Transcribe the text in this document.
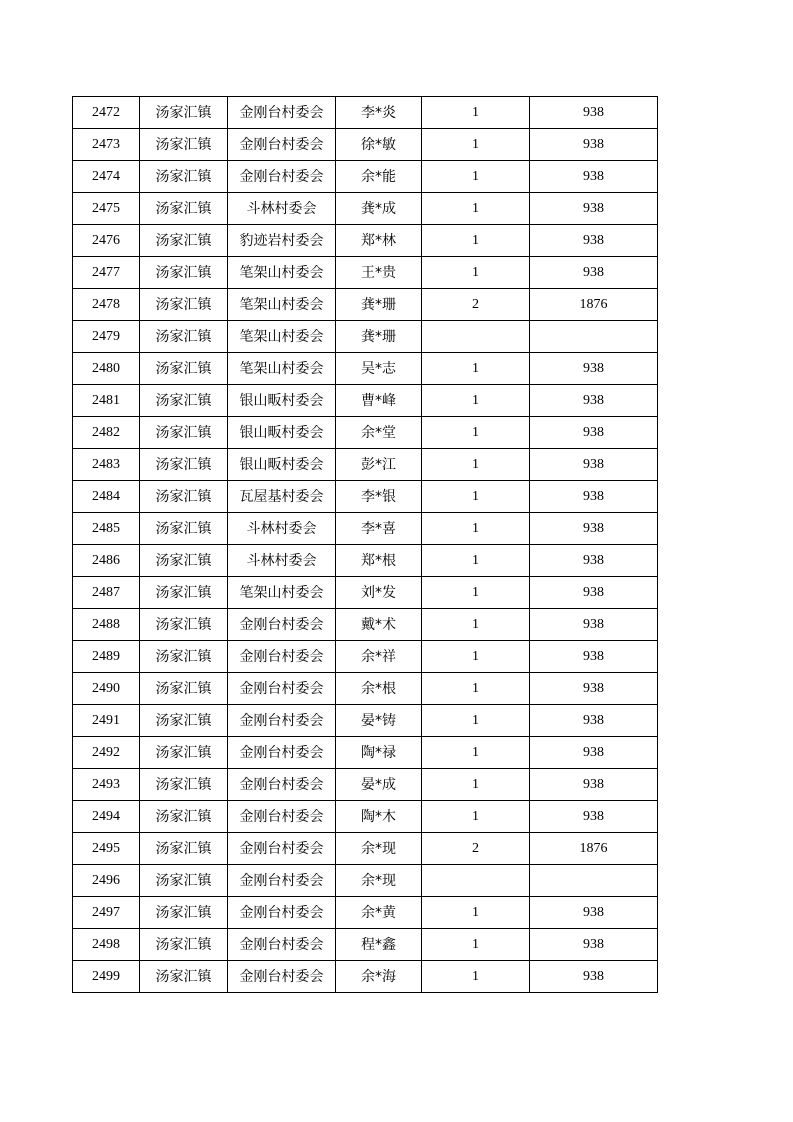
2472	汤家汇镇	金刚台村委会	李*炎	1	938
2473	汤家汇镇	金刚台村委会	徐*敏	1	938
2474	汤家汇镇	金刚台村委会	余*能	1	938
2475	汤家汇镇	斗林村委会	龚*成	1	938
2476	汤家汇镇	豹迹岩村委会	郑*林	1	938
2477	汤家汇镇	笔架山村委会	王*贵	1	938
2478	汤家汇镇	笔架山村委会	龚*珊	2	1876
2479	汤家汇镇	笔架山村委会	龚*珊		
2480	汤家汇镇	笔架山村委会	吴*志	1	938
2481	汤家汇镇	银山畈村委会	曹*峰	1	938
2482	汤家汇镇	银山畈村委会	余*堂	1	938
2483	汤家汇镇	银山畈村委会	彭*江	1	938
2484	汤家汇镇	瓦屋基村委会	李*银	1	938
2485	汤家汇镇	斗林村委会	李*喜	1	938
2486	汤家汇镇	斗林村委会	郑*根	1	938
2487	汤家汇镇	笔架山村委会	刘*发	1	938
2488	汤家汇镇	金刚台村委会	戴*术	1	938
2489	汤家汇镇	金刚台村委会	余*祥	1	938
2490	汤家汇镇	金刚台村委会	余*根	1	938
2491	汤家汇镇	金刚台村委会	晏*铸	1	938
2492	汤家汇镇	金刚台村委会	陶*禄	1	938
2493	汤家汇镇	金刚台村委会	晏*成	1	938
2494	汤家汇镇	金刚台村委会	陶*木	1	938
2495	汤家汇镇	金刚台村委会	余*现	2	1876
2496	汤家汇镇	金刚台村委会	余*现		
2497	汤家汇镇	金刚台村委会	余*黄	1	938
2498	汤家汇镇	金刚台村委会	程*鑫	1	938
2499	汤家汇镇	金刚台村委会	余*海	1	938
